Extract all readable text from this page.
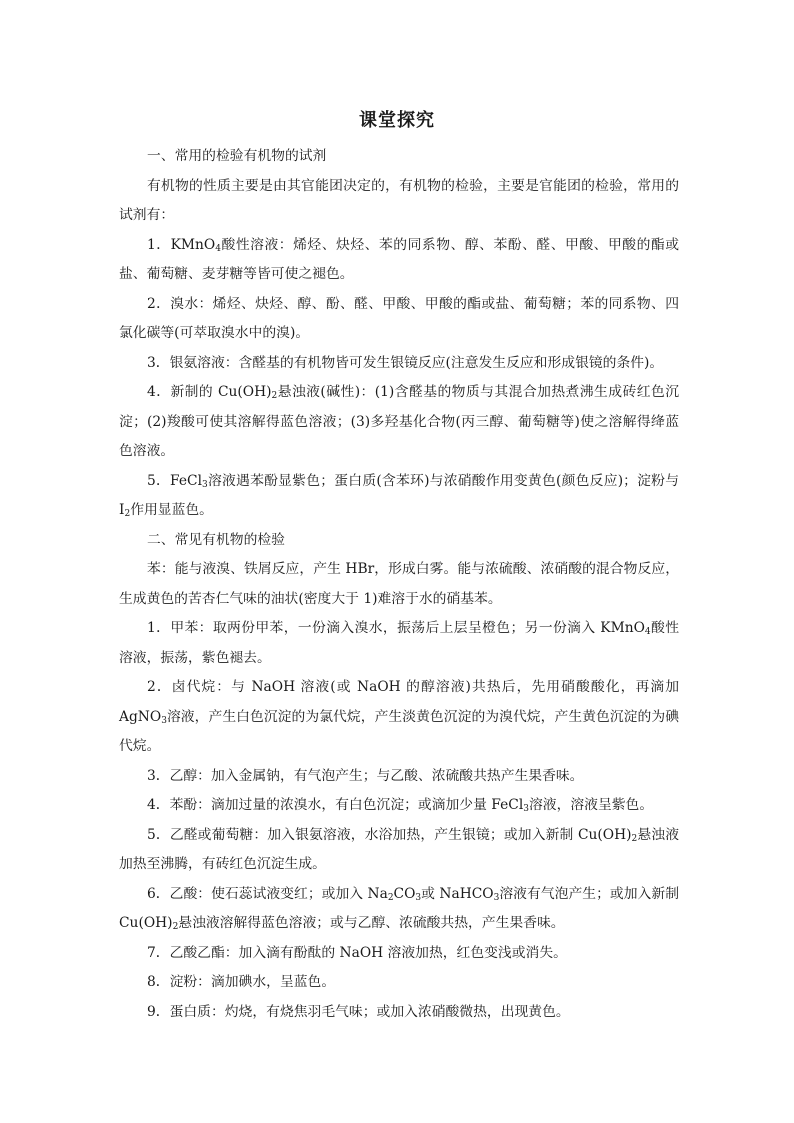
课堂探究

一、常用的检验有机物的试剂

有机物的性质主要是由其官能团决定的，有机物的检验，主要是官能团的检验，常用的试剂有：

1．KMnO$_4$酸性溶液：烯烃、炔烃、苯的同系物、醇、苯酚、醛、甲酸、甲酸的酯或盐、葡萄糖、麦芽糖等皆可使之褪色。

2．溴水：烯烃、炔烃、醇、酚、醛、甲酸、甲酸的酯或盐、葡萄糖；苯的同系物、四氯化碳等(可萃取溴水中的溴)。

3．银氨溶液：含醛基的有机物皆可发生银镜反应(注意发生反应和形成银镜的条件)。

4．新制的 $Cu(OH)_2$悬浊液(碱性)：(1)含醛基的物质与其混合加热煮沸生成砖红色沉淀；(2)羧酸可使其溶解得蓝色溶液；(3)多羟基化合物(丙三醇、葡萄糖等)使之溶解得绛蓝色溶液。

5．FeCl$_3$溶液遇苯酚显紫色；蛋白质(含苯环)与浓硝酸作用变黄色(颜色反应)；淀粉与 $I_2$作用显蓝色。

二、常见有机物的检验

苯：能与液溴、铁屑反应，产生 HBr，形成白雾。能与浓硫酸、浓硝酸的混合物反应，生成黄色的苦杏仁气味的油状(密度大于 1)难溶于水的硝基苯。

1．甲苯：取两份甲苯，一份滴入溴水，振荡后上层呈橙色；另一份滴入 KMnO$_4$酸性溶液，振荡，紫色褪去。

2．卤代烷：与 NaOH 溶液(或 NaOH 的醇溶液)共热后，先用硝酸酸化，再滴加 AgNO$_3$溶液，产生白色沉淀的为氯代烷，产生淡黄色沉淀的为溴代烷，产生黄色沉淀的为碘代烷。

3．乙醇：加入金属钠，有气泡产生；与乙酸、浓硫酸共热产生果香味。

4．苯酚：滴加过量的浓溴水，有白色沉淀；或滴加少量 FeCl$_3$溶液，溶液呈紫色。

5．乙醛或葡萄糖：加入银氨溶液，水浴加热，产生银镜；或加入新制 $Cu(OH)_2$悬浊液加热至沸腾，有砖红色沉淀生成。

6．乙酸：使石蕊试液变红；或加入 $Na_2CO_3$或 NaHCO$_3$溶液有气泡产生；或加入新制 $Cu(OH)_2$悬浊液溶解得蓝色溶液；或与乙醇、浓硫酸共热，产生果香味。

7．乙酸乙酯：加入滴有酚酞的 NaOH 溶液加热，红色变浅或消失。

8．淀粉：滴加碘水，呈蓝色。

9．蛋白质：灼烧，有烧焦羽毛气味；或加入浓硝酸微热，出现黄色。
